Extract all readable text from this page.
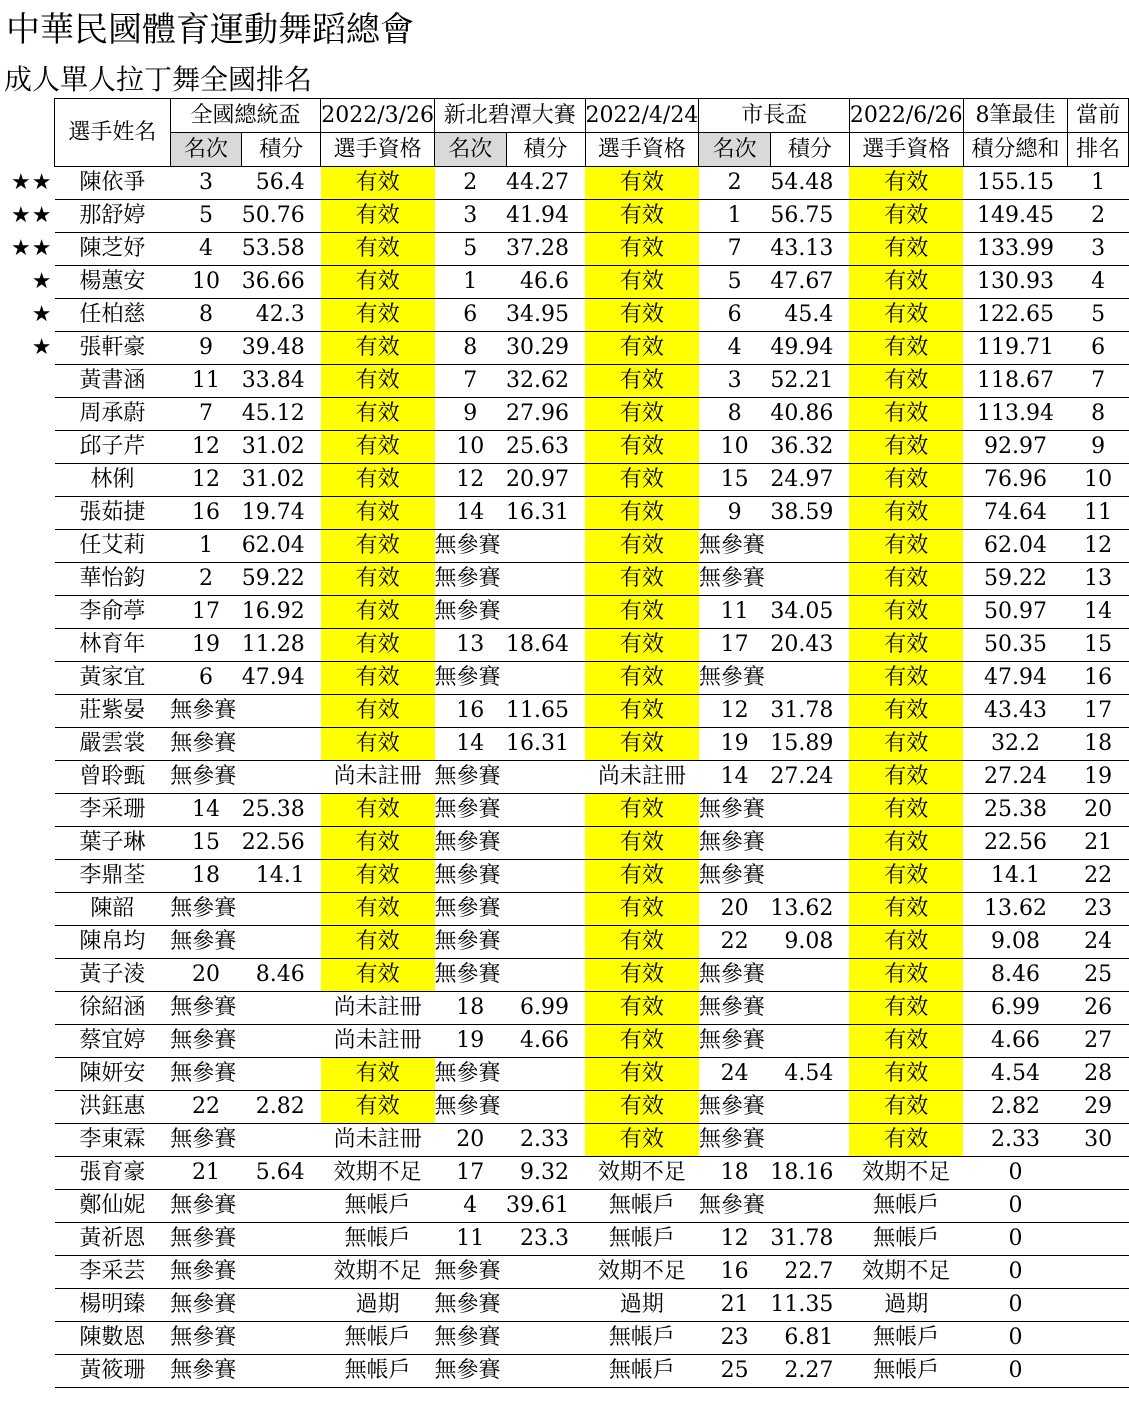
中華民國體育運動舞蹈總會
成人單人拉丁舞全國排名
選手姓名	全國總統盃		2022/3/26	新北碧潭大賽		2022/4/24	市長盃		2022/6/26	8筆最佳	當前
	名次	積分	選手資格	名次	積分	選手資格	名次	積分	選手資格	積分總和	排名

★★ 陳依爭	3	56.4	有效	2	44.27	有效	2	54.48	有效	155.15	1

★★ 那舒婷	5	50.76	有效	3	41.94	有效	1	56.75	有效	149.45	2

★★ 陳芝妤	4	53.58	有效	5	37.28	有效	7	43.13	有效	133.99	3

★ 楊蕙安	10	36.66	有效	1	46.6	有效	5	47.67	有效	130.93	4

★ 任柏慈	8	42.3	有效	6	34.95	有效	6	45.4	有效	122.65	5

★ 張軒豪	9	39.48	有效	8	30.29	有效	4	49.94	有效	119.71	6
黃書涵	11	33.84	有效	7	32.62	有效	3	52.21	有效	118.67	7
周承蔚	7	45.12	有效	9	27.96	有效	8	40.86	有效	113.94	8
邱子芹	12	31.02	有效	10	25.63	有效	10	36.32	有效	92.97	9
林俐	12	31.02	有效	12	20.97	有效	15	24.97	有效	76.96	10
張茹捷	16	19.74	有效	14	16.31	有效	9	38.59	有效	74.64	11
任艾莉	1	62.04	有效	無參賽		有效	無參賽		有效	62.04	12
華怡鈞	2	59.22	有效	無參賽		有效	無參賽		有效	59.22	13
李俞葶	17	16.92	有效	無參賽		有效	11	34.05	有效	50.97	14
林育年	19	11.28	有效	13	18.64	有效	17	20.43	有效	50.35	15
黃家宜	6	47.94	有效	無參賽		有效	無參賽		有效	47.94	16
莊紫晏	無參賽		有效	16	11.65	有效	12	31.78	有效	43.43	17
嚴雲裳	無參賽		有效	14	16.31	有效	19	15.89	有效	32.2	18
曾聆甄	無參賽		尚未註冊	無參賽		尚未註冊	14	27.24	有效	27.24	19
李采珊	14	25.38	有效	無參賽		有效	無參賽		有效	25.38	20
葉子琳	15	22.56	有效	無參賽		有效	無參賽		有效	22.56	21
李鼎荃	18	14.1	有效	無參賽		有效	無參賽		有效	14.1	22
陳韶	無參賽		有效	無參賽		有效	20	13.62	有效	13.62	23
陳帛均	無參賽		有效	無參賽		有效	22	9.08	有效	9.08	24
黃子淩	20	8.46	有效	無參賽		有效	無參賽		有效	8.46	25
徐紹涵	無參賽		尚未註冊	18	6.99	有效	無參賽		有效	6.99	26
蔡宜婷	無參賽		尚未註冊	19	4.66	有效	無參賽		有效	4.66	27
陳妍安	無參賽		有效	無參賽		有效	24	4.54	有效	4.54	28
洪鈺惠	22	2.82	有效	無參賽		有效	無參賽		有效	2.82	29
李東霖	無參賽		尚未註冊	20	2.33	有效	無參賽		有效	2.33	30
張育豪	21	5.64	效期不足	17	9.32	效期不足	18	18.16	效期不足	0	
鄭仙妮	無參賽		無帳戶	4	39.61	無帳戶	無參賽		無帳戶	0	
黃祈恩	無參賽		無帳戶	11	23.3	無帳戶	12	31.78	無帳戶	0	
李采芸	無參賽		效期不足	無參賽		效期不足	16	22.7	效期不足	0	
楊明臻	無參賽		過期	無參賽		過期	21	11.35	過期	0	
陳數恩	無參賽		無帳戶	無參賽		無帳戶	23	6.81	無帳戶	0	
黃筱珊	無參賽		無帳戶	無參賽		無帳戶	25	2.27	無帳戶	0	
